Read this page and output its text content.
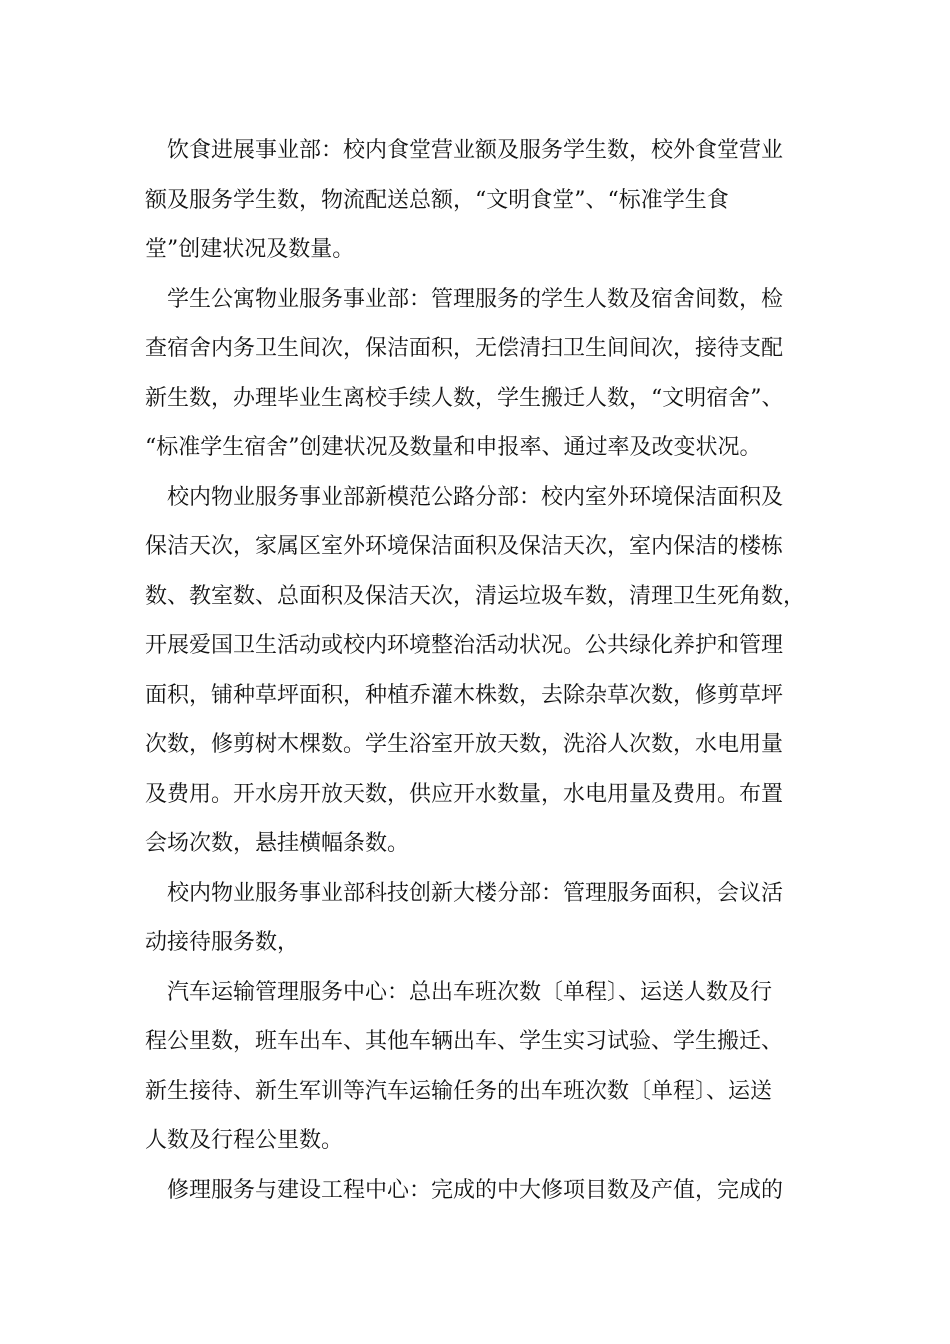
　饮食进展事业部：校内食堂营业额及服务学生数，校外食堂营业
额及服务学生数，物流配送总额，“文明食堂”、“标准学生食
堂”创建状况及数量。
　学生公寓物业服务事业部：管理服务的学生人数及宿舍间数，检
查宿舍内务卫生间次，保洁面积，无偿清扫卫生间间次，接待支配
新生数，办理毕业生离校手续人数，学生搬迁人数，“文明宿舍”、
“标准学生宿舍”创建状况及数量和申报率、通过率及改变状况。
　校内物业服务事业部新模范公路分部：校内室外环境保洁面积及
保洁天次，家属区室外环境保洁面积及保洁天次，室内保洁的楼栋
数、教室数、总面积及保洁天次，清运垃圾车数，清理卫生死角数，
开展爱国卫生活动或校内环境整治活动状况。公共绿化养护和管理
面积，铺种草坪面积，种植乔灌木株数，去除杂草次数，修剪草坪
次数，修剪树木棵数。学生浴室开放天数，洗浴人次数，水电用量
及费用。开水房开放天数，供应开水数量，水电用量及费用。布置
会场次数，悬挂横幅条数。
　校内物业服务事业部科技创新大楼分部：管理服务面积，会议活
动接待服务数，
　汽车运输管理服务中心：总出车班次数〔单程〕、运送人数及行
程公里数，班车出车、其他车辆出车、学生实习试验、学生搬迁、
新生接待、新生军训等汽车运输任务的出车班次数〔单程〕、运送
人数及行程公里数。
　修理服务与建设工程中心：完成的中大修项目数及产值，完成的
